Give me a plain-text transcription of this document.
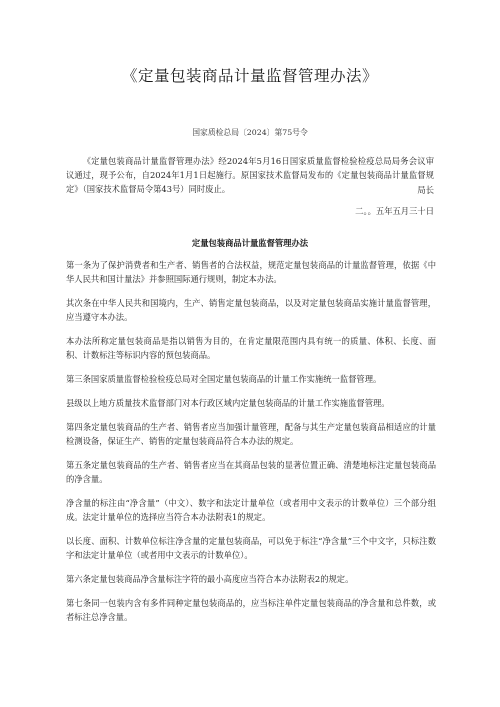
《定量包装商品计量监督管理办法》
国家质检总局〔2024〕第75号令

《定量包装商品计量监督管理办法》经2024年5月16日国家质量监督检验检疫总局局务会议审议通过，现予公布，自2024年1月1日起施行。原国家技术监督局发布的《定量包装商品计量监督规定》（国家技术监督局令第43号）同时废止。	局长
二。。五年五月三十日
定量包装商品计量监督管理办法

第一条为了保护消费者和生产者、销售者的合法权益，规范定量包装商品的计量监督管理，依据《中华人民共和国计量法》并参照国际通行规则，制定本办法。

其次条在中华人民共和国境内，生产、销售定量包装商品，以及对定量包装商品实施计量监督管理，应当遵守本办法。

本办法所称定量包装商品是指以销售为目的，在肯定量限范围内具有统一的质量、体积、长度、面积、计数标注等标识内容的预包装商品。

第三条国家质量监督检验检疫总局对全国定量包装商品的计量工作实施统一监督管理。

县级以上地方质量技术监督部门对本行政区域内定量包装商品的计量工作实施监督管理。

第四条定量包装商品的生产者、销售者应当加强计量管理，配备与其生产定量包装商品相适应的计量检测设备，保证生产、销售的定量包装商品符合本办法的规定。

第五条定量包装商品的生产者、销售者应当在其商品包装的显著位置正确、清楚地标注定量包装商品的净含量。

净含量的标注由“净含量”（中文）、数字和法定计量单位（或者用中文表示的计数单位）三个部分组成。法定计量单位的选择应当符合本办法附表1的规定。

以长度、面积、计数单位标注净含量的定量包装商品，可以免于标注“净含量”三个中文字，只标注数字和法定计量单位（或者用中文表示的计数单位）。

第六条定量包装商品净含量标注字符的最小高度应当符合本办法附表2的规定。

第七条同一包装内含有多件同种定量包装商品的，应当标注单件定量包装商品的净含量和总件数，或者标注总净含量。
